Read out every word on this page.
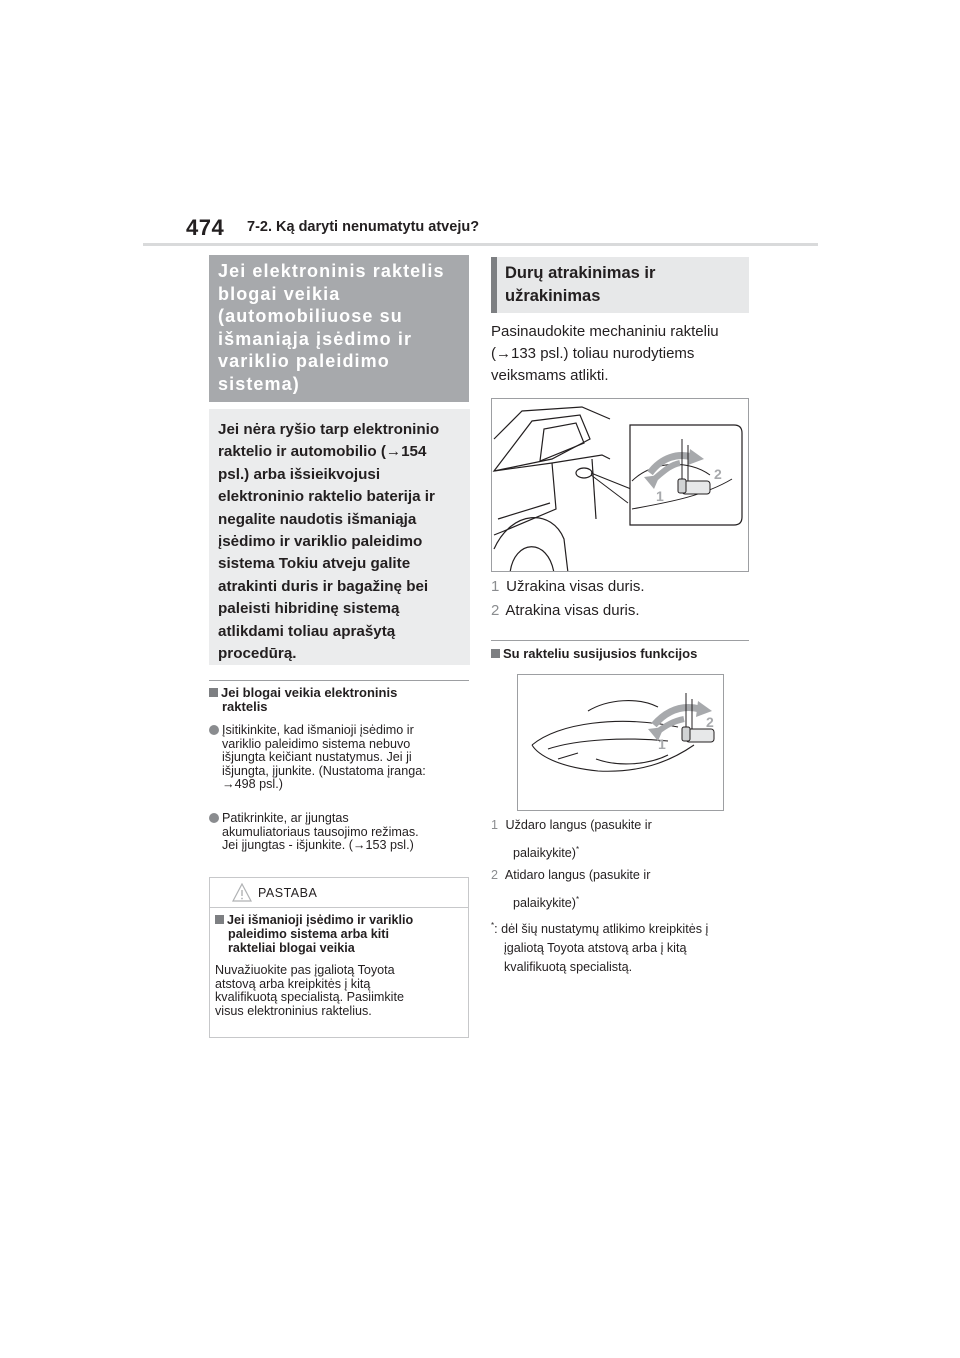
474 7-2. Ką daryti nenumatytu atveju?
Jei elektroninis raktelis
blogai veikia
(automobiliuose su
išmaniąja įsėdimo ir
variklio paleidimo
sistema)
Jei nėra ryšio tarp elektroninio
raktelio ir automobilio (→154
psl.) arba išsieikvojusi
elektroninio raktelio baterija ir
negalite naudotis išmaniąja
įsėdimo ir variklio paleidimo
sistema Tokiu atveju galite
atrakinti duris ir bagažinę bei
paleisti hibridinę sistemą
atlikdami toliau aprašytą
procedūrą.
Jei blogai veikia elektroninis
raktelis
Įsitikinkite, kad išmanioji įsėdimo ir
variklio paleidimo sistema nebuvo
išjungta keičiant nustatymus. Jei ji
išjungta, įjunkite. (Nustatoma įranga:
→498 psl.)
Patikrinkite, ar įjungtas
akumuliatoriaus tausojimo režimas.
Jei įjungtas - išjunkite. (→153 psl.)
PASTABA
Jei išmanioji įsėdimo ir variklio
paleidimo sistema arba kiti
rakteliai blogai veikia
Nuvažiuokite pas įgaliotą Toyota
atstovą arba kreipkitės į kitą
kvalifikuotą specialistą. Pasiimkite
visus elektroninius raktelius.
Durų atrakinimas ir
užrakinimas
Pasinaudokite mechaniniu rakteliu
(→133 psl.) toliau nurodytiems
veiksmams atlikti.
1
2
1 Užrakina visas duris.
2 Atrakina visas duris.
Su rakteliu susijusios funkcijos
1
2
1 Uždaro langus (pasukite ir
palaikykite)*
2 Atidaro langus (pasukite ir
palaikykite)*
*: dėl šių nustatymų atlikimo kreipkitės į
įgaliotą Toyota atstovą arba į kitą
kvalifikuotą specialistą.
